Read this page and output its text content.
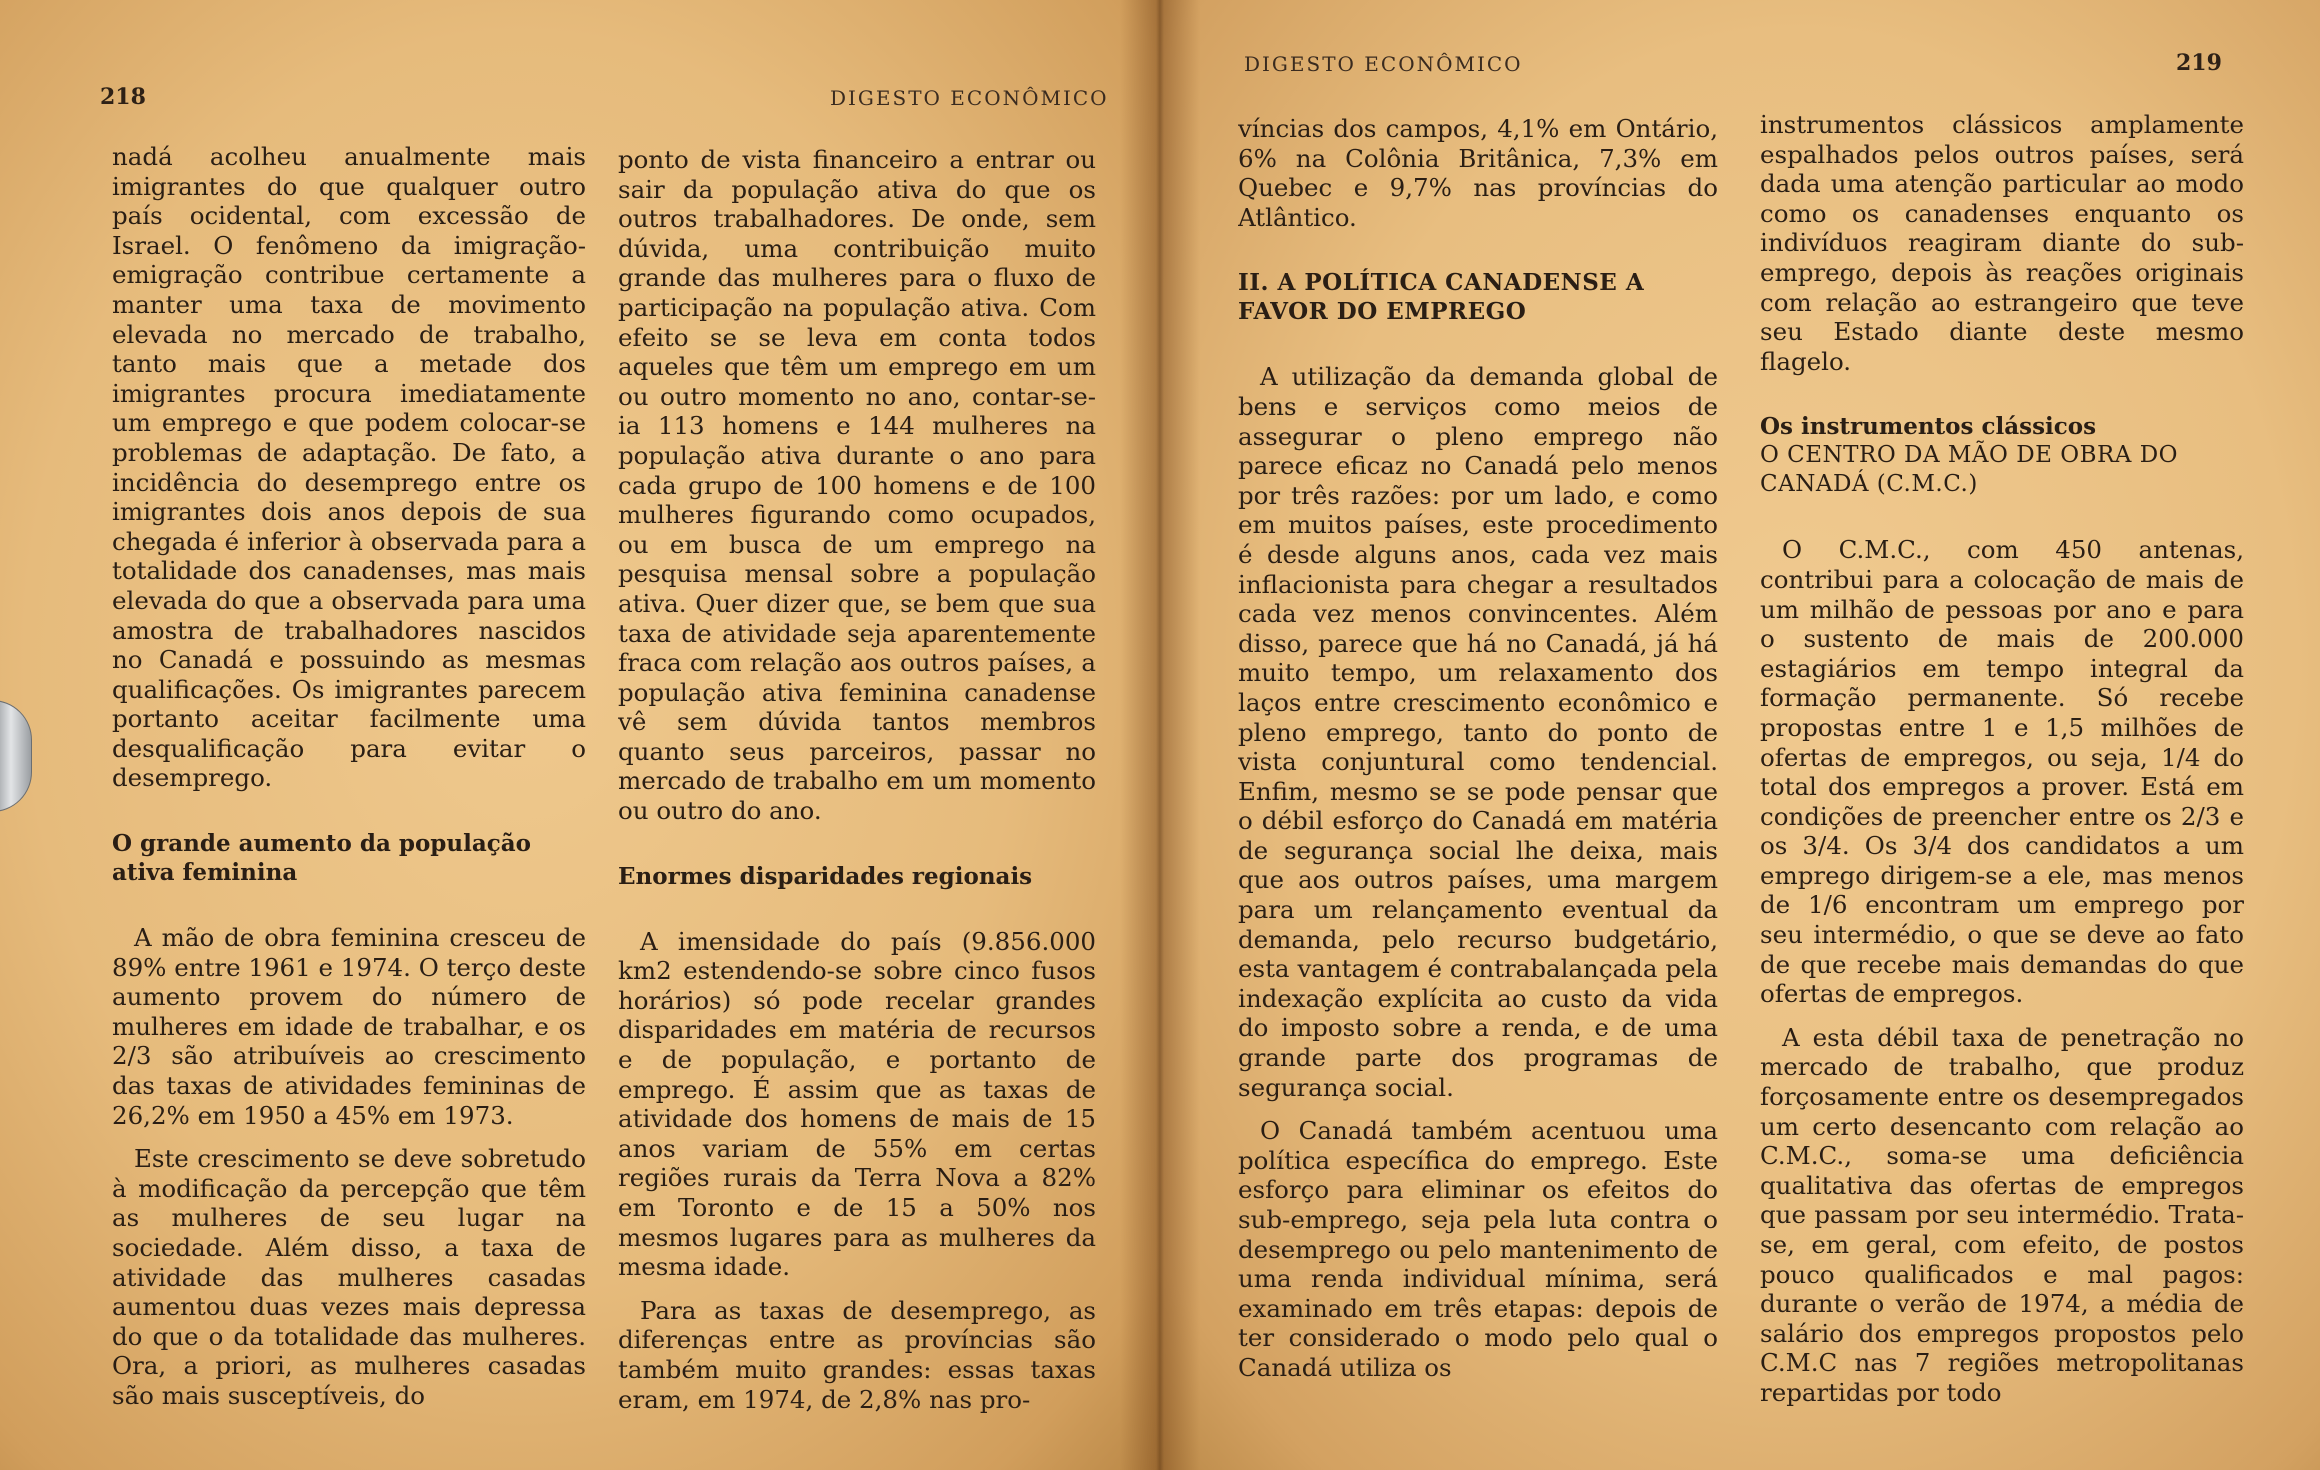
218	DIGESTO ECONÔMICO

nadá acolheu anualmente mais imigrantes do que qualquer outro país ocidental, com excessão de Israel. O fenômeno da imigração-emigração contribue certamente a manter uma taxa de movimento elevada no mercado de trabalho, tanto mais que a metade dos imigrantes procura imediatamente um emprego e que podem colocar-se problemas de adaptação. De fato, a incidência do desemprego entre os imigrantes dois anos depois de sua chegada é inferior à observada para a totalidade dos canadenses, mas mais elevada do que a observada para uma amostra de trabalhadores nascidos no Canadá e possuindo as mesmas qualificações. Os imigrantes parecem portanto aceitar facilmente uma desqualificação para evitar o desemprego.

O grande aumento da população ativa feminina

A mão de obra feminina cresceu de 89% entre 1961 e 1974. O terço deste aumento provem do número de mulheres em idade de trabalhar, e os 2/3 são atribuíveis ao crescimento das taxas de atividades femininas de 26,2% em 1950 a 45% em 1973.

Este crescimento se deve sobretudo à modificação da percepção que têm as mulheres de seu lugar na sociedade. Além disso, a taxa de atividade das mulheres casadas aumentou duas vezes mais depressa do que o da totalidade das mulheres. Ora, a priori, as mulheres casadas são mais susceptíveis, do

ponto de vista financeiro a entrar ou sair da população ativa do que os outros trabalhadores. De onde, sem dúvida, uma contribuição muito grande das mulheres para o fluxo de participação na população ativa. Com efeito se se leva em conta todos aqueles que têm um emprego em um ou outro momento no ano, contar-se-ia 113 homens e 144 mulheres na população ativa durante o ano para cada grupo de 100 homens e de 100 mulheres figurando como ocupados, ou em busca de um emprego na pesquisa mensal sobre a população ativa. Quer dizer que, se bem que sua taxa de atividade seja aparentemente fraca com relação aos outros países, a população ativa feminina canadense vê sem dúvida tantos membros quanto seus parceiros, passar no mercado de trabalho em um momento ou outro do ano.

Enormes disparidades regionais

A imensidade do país (9.856.000 km2 estendendo-se sobre cinco fusos horários) só pode recelar grandes disparidades em matéria de recursos e de população, e portanto de emprego. É assim que as taxas de atividade dos homens de mais de 15 anos variam de 55% em certas regiões rurais da Terra Nova a 82% em Toronto e de 15 a 50% nos mesmos lugares para as mulheres da mesma idade.

Para as taxas de desemprego, as diferenças entre as províncias são também muito grandes: essas taxas eram, em 1974, de 2,8% nas pro-

DIGESTO ECONÔMICO	219

víncias dos campos, 4,1% em Ontário, 6% na Colônia Britânica, 7,3% em Quebec e 9,7% nas províncias do Atlântico.

II. A POLÍTICA CANADENSE A FAVOR DO EMPREGO

A utilização da demanda global de bens e serviços como meios de assegurar o pleno emprego não parece eficaz no Canadá pelo menos por três razões: por um lado, e como em muitos países, este procedimento é desde alguns anos, cada vez mais inflacionista para chegar a resultados cada vez menos convincentes. Além disso, parece que há no Canadá, já há muito tempo, um relaxamento dos laços entre crescimento econômico e pleno emprego, tanto do ponto de vista conjuntural como tendencial. Enfim, mesmo se se pode pensar que o débil esforço do Canadá em matéria de segurança social lhe deixa, mais que aos outros países, uma margem para um relançamento eventual da demanda, pelo recurso budgetário, esta vantagem é contrabalançada pela indexação explícita ao custo da vida do imposto sobre a renda, e de uma grande parte dos programas de segurança social.

O Canadá também acentuou uma política específica do emprego. Este esforço para eliminar os efeitos do sub-emprego, seja pela luta contra o desemprego ou pelo mantenimento de uma renda individual mínima, será examinado em três etapas: depois de ter considerado o modo pelo qual o Canadá utiliza os

instrumentos clássicos amplamente espalhados pelos outros países, será dada uma atenção particular ao modo como os canadenses enquanto os indivíduos reagiram diante do sub-emprego, depois às reações originais com relação ao estrangeiro que teve seu Estado diante deste mesmo flagelo.

Os instrumentos clássicos
O CENTRO DA MÃO DE OBRA DO CANADÁ (C.M.C.)

O C.M.C., com 450 antenas, contribui para a colocação de mais de um milhão de pessoas por ano e para o sustento de mais de 200.000 estagiários em tempo integral da formação permanente. Só recebe propostas entre 1 e 1,5 milhões de ofertas de empregos, ou seja, 1/4 do total dos empregos a prover. Está em condições de preencher entre os 2/3 e os 3/4. Os 3/4 dos candidatos a um emprego dirigem-se a ele, mas menos de 1/6 encontram um emprego por seu intermédio, o que se deve ao fato de que recebe mais demandas do que ofertas de empregos.

A esta débil taxa de penetração no mercado de trabalho, que produz forçosamente entre os desempregados um certo desencanto com relação ao C.M.C., soma-se uma deficiência qualitativa das ofertas de empregos que passam por seu intermédio. Trata-se, em geral, com efeito, de postos pouco qualificados e mal pagos: durante o verão de 1974, a média de salário dos empregos propostos pelo C.M.C nas 7 regiões metropolitanas repartidas por todo
